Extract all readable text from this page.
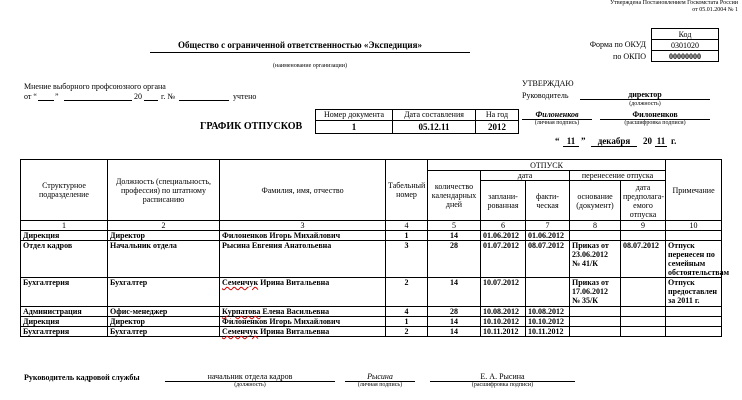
Утверждена Постановлением Госкомстата России
от 05.01.2004 № 1
Общество с ограниченной ответственностью «Экспедиция»
(наименование организации)
Код
0301020
00000000
Форма по ОКУД
по ОКПО
Мнение выборного профсоюзного органа
от “ ”	20 г. №	учтено
УТВЕРЖДАЮ
Руководитель	директор
(должность)
Филоненков
(личная подпись)
Филоненков
(расшифровка подписи)
“ 11 ”	декабря	20 11 г.
ГРАФИК ОТПУСКОВ
Номер документа	Дата составления	На год
1	05.12.11	2012
Структурное подразделение	Должность (специальность, профессия) по штатному расписанию	Фамилия, имя, отчество	Табельный номер	ОТПУСК					Примечание
				количество календарных дней	дата		перенесение отпуска		
					заплани-рованная	факти-ческая	основание (документ)	дата предполага-емого отпуска	
1	2	3	4	5	6	7	8	9	10
Дирекция	Директор	Филоненков Игорь Михайлович	1	14	01.06.2012	01.06.2012			
Отдел кадров	Начальник отдела	Рысина Евгения Анатольевна	3	28	01.07.2012	08.07.2012	Приказ от 23.06.2012 № 41/К	08.07.2012	Отпуск перенесен по семейным обстоятельствам
Бухгалтерия	Бухгалтер	Семенчук Ирина Витальевна	2	14	10.07.2012		Приказ от 17.06.2012 № 35/К		Отпуск предоставлен за 2011 г.
Администрация	Офис-менеджер	Курпатова Елена Васильевна	4	28	10.08.2012	10.08.2012			
Дирекция	Директор	Филоненков Игорь Михайлович	1	14	10.10.2012	10.10.2012			
Бухгалтерия	Бухгалтер	Семенчук Ирина Витальевна	2	14	10.11.2012	10.11.2012			
Руководитель кадровой службы	начальник отдела кадров
(должность)
Рысина
(личная подпись)
Е. А. Рысина
(расшифровка подписи)
